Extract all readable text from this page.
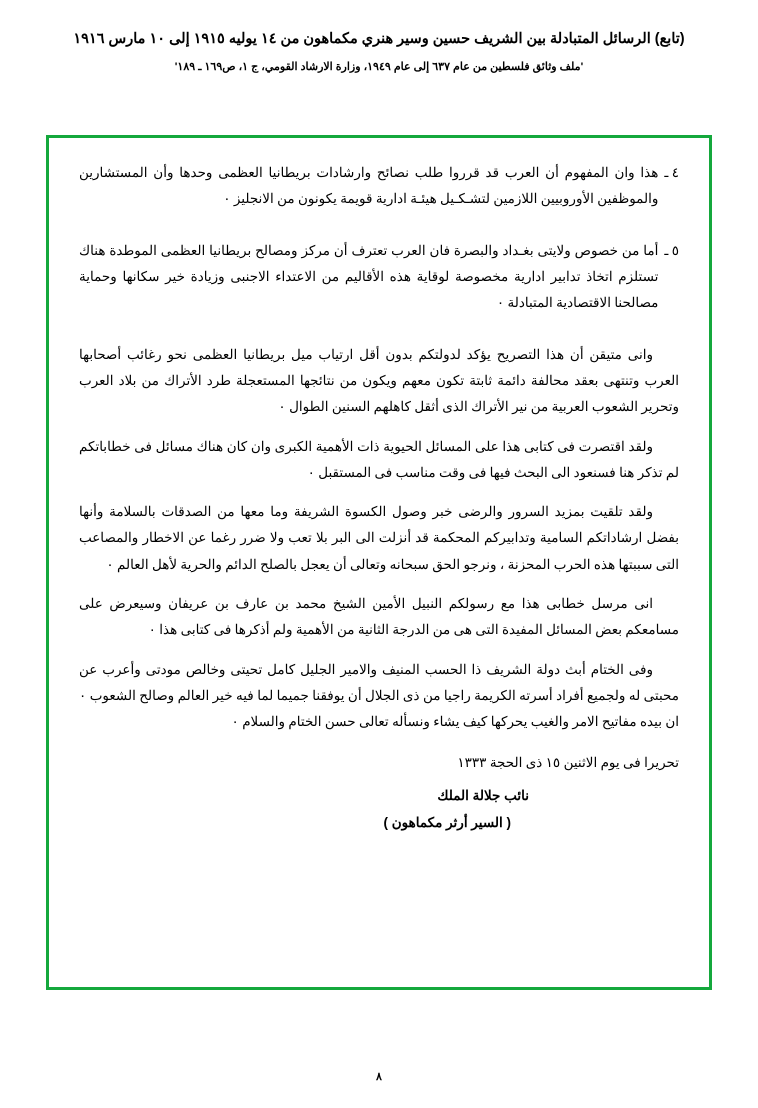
(تابع) الرسائل المتبادلة بين الشريف حسين وسير هنري مكماهون من ١٤ يوليه ١٩١٥ إلى ١٠ مارس ١٩١٦
'ملف وثائق فلسطين من عام ٦٣٧ إلى عام ١٩٤٩، وزارة الارشاد القومي، ج ١، ص١٦٩ ـ ١٨٩'
٤ ـ
هذا وان المفهوم أن العرب قد قرروا طلب نصائح وارشادات بريطانيا العظمى وحدها وأن المستشارين والموظفين الأوروبيين اللازمين لتشـكـيل هيئـة ادارية قويمة يكونون من الانجليز ٠
٥ ـ
أما من خصوص ولايتى بغـداد والبصرة فان العرب تعترف أن مركز ومصالح بريطانيا العظمى الموطدة هناك تستلزم اتخاذ تدابير ادارية مخصوصة لوقاية هذه الأقاليم من الاعتداء الاجنبى وزيادة خير سكانها وحماية مصالحنا الاقتصادية المتبادلة ٠
وانى متيقن أن هذا التصريح يؤكد لدولتكم بدون أقل ارتياب ميل بريطانيا العظمى نحو رغائب أصحابها العرب وتنتهى بعقد محالفة دائمة ثابتة تكون معهم ويكون من نتائجها المستعجلة طرد الأتراك من بلاد العرب وتحرير الشعوب العربية من نير الأتراك الذى أثقل كاهلهم السنين الطوال ٠
ولقد اقتصرت فى كتابى هذا على المسائل الحيوية ذات الأهمية الكبرى وان كان هناك مسائل فى خطاباتكم لم تذكر هنا فسنعود الى البحث فيها فى وقت مناسب فى المستقبل ٠
ولقد تلقيت بمزيد السرور والرضى خبر وصول الكسوة الشريفة وما معها من الصدقات بالسلامة وأنها بفضل ارشاداتكم السامية وتدابيركم المحكمة قد أنزلت الى البر بلا تعب ولا ضرر رغما عن الاخطار والمصاعب التى سببتها هذه الحرب المحزنة ، ونرجو الحق سبحانه وتعالى أن يعجل بالصلح الدائم والحرية لأهل العالم ٠
انى مرسل خطابى هذا مع رسولكم النبيل الأمين الشيخ محمد بن عارف بن عريفان وسيعرض على مسامعكم بعض المسائل المفيدة التى هى من الدرجة الثانية من الأهمية ولم أذكرها فى كتابى هذا ٠
وفى الختام أبث دولة الشريف ذا الحسب المنيف والامير الجليل كامل تحيتى وخالص مودتى وأعرب عن محبتى له ولجميع أفراد أسرته الكريمة راجيا من ذى الجلال أن يوفقنا جميما لما فيه خير العالم وصالح الشعوب ٠ ان بيده مفاتيح الامر والغيب يحركها كيف يشاء ونسأله تعالى حسن الختام والسلام ٠
تحريرا فى يوم الاثنين ١٥ ذى الحجة ١٣٣٣
نائب جلالة الملك
( السير أرثر مكماهون )
٨
